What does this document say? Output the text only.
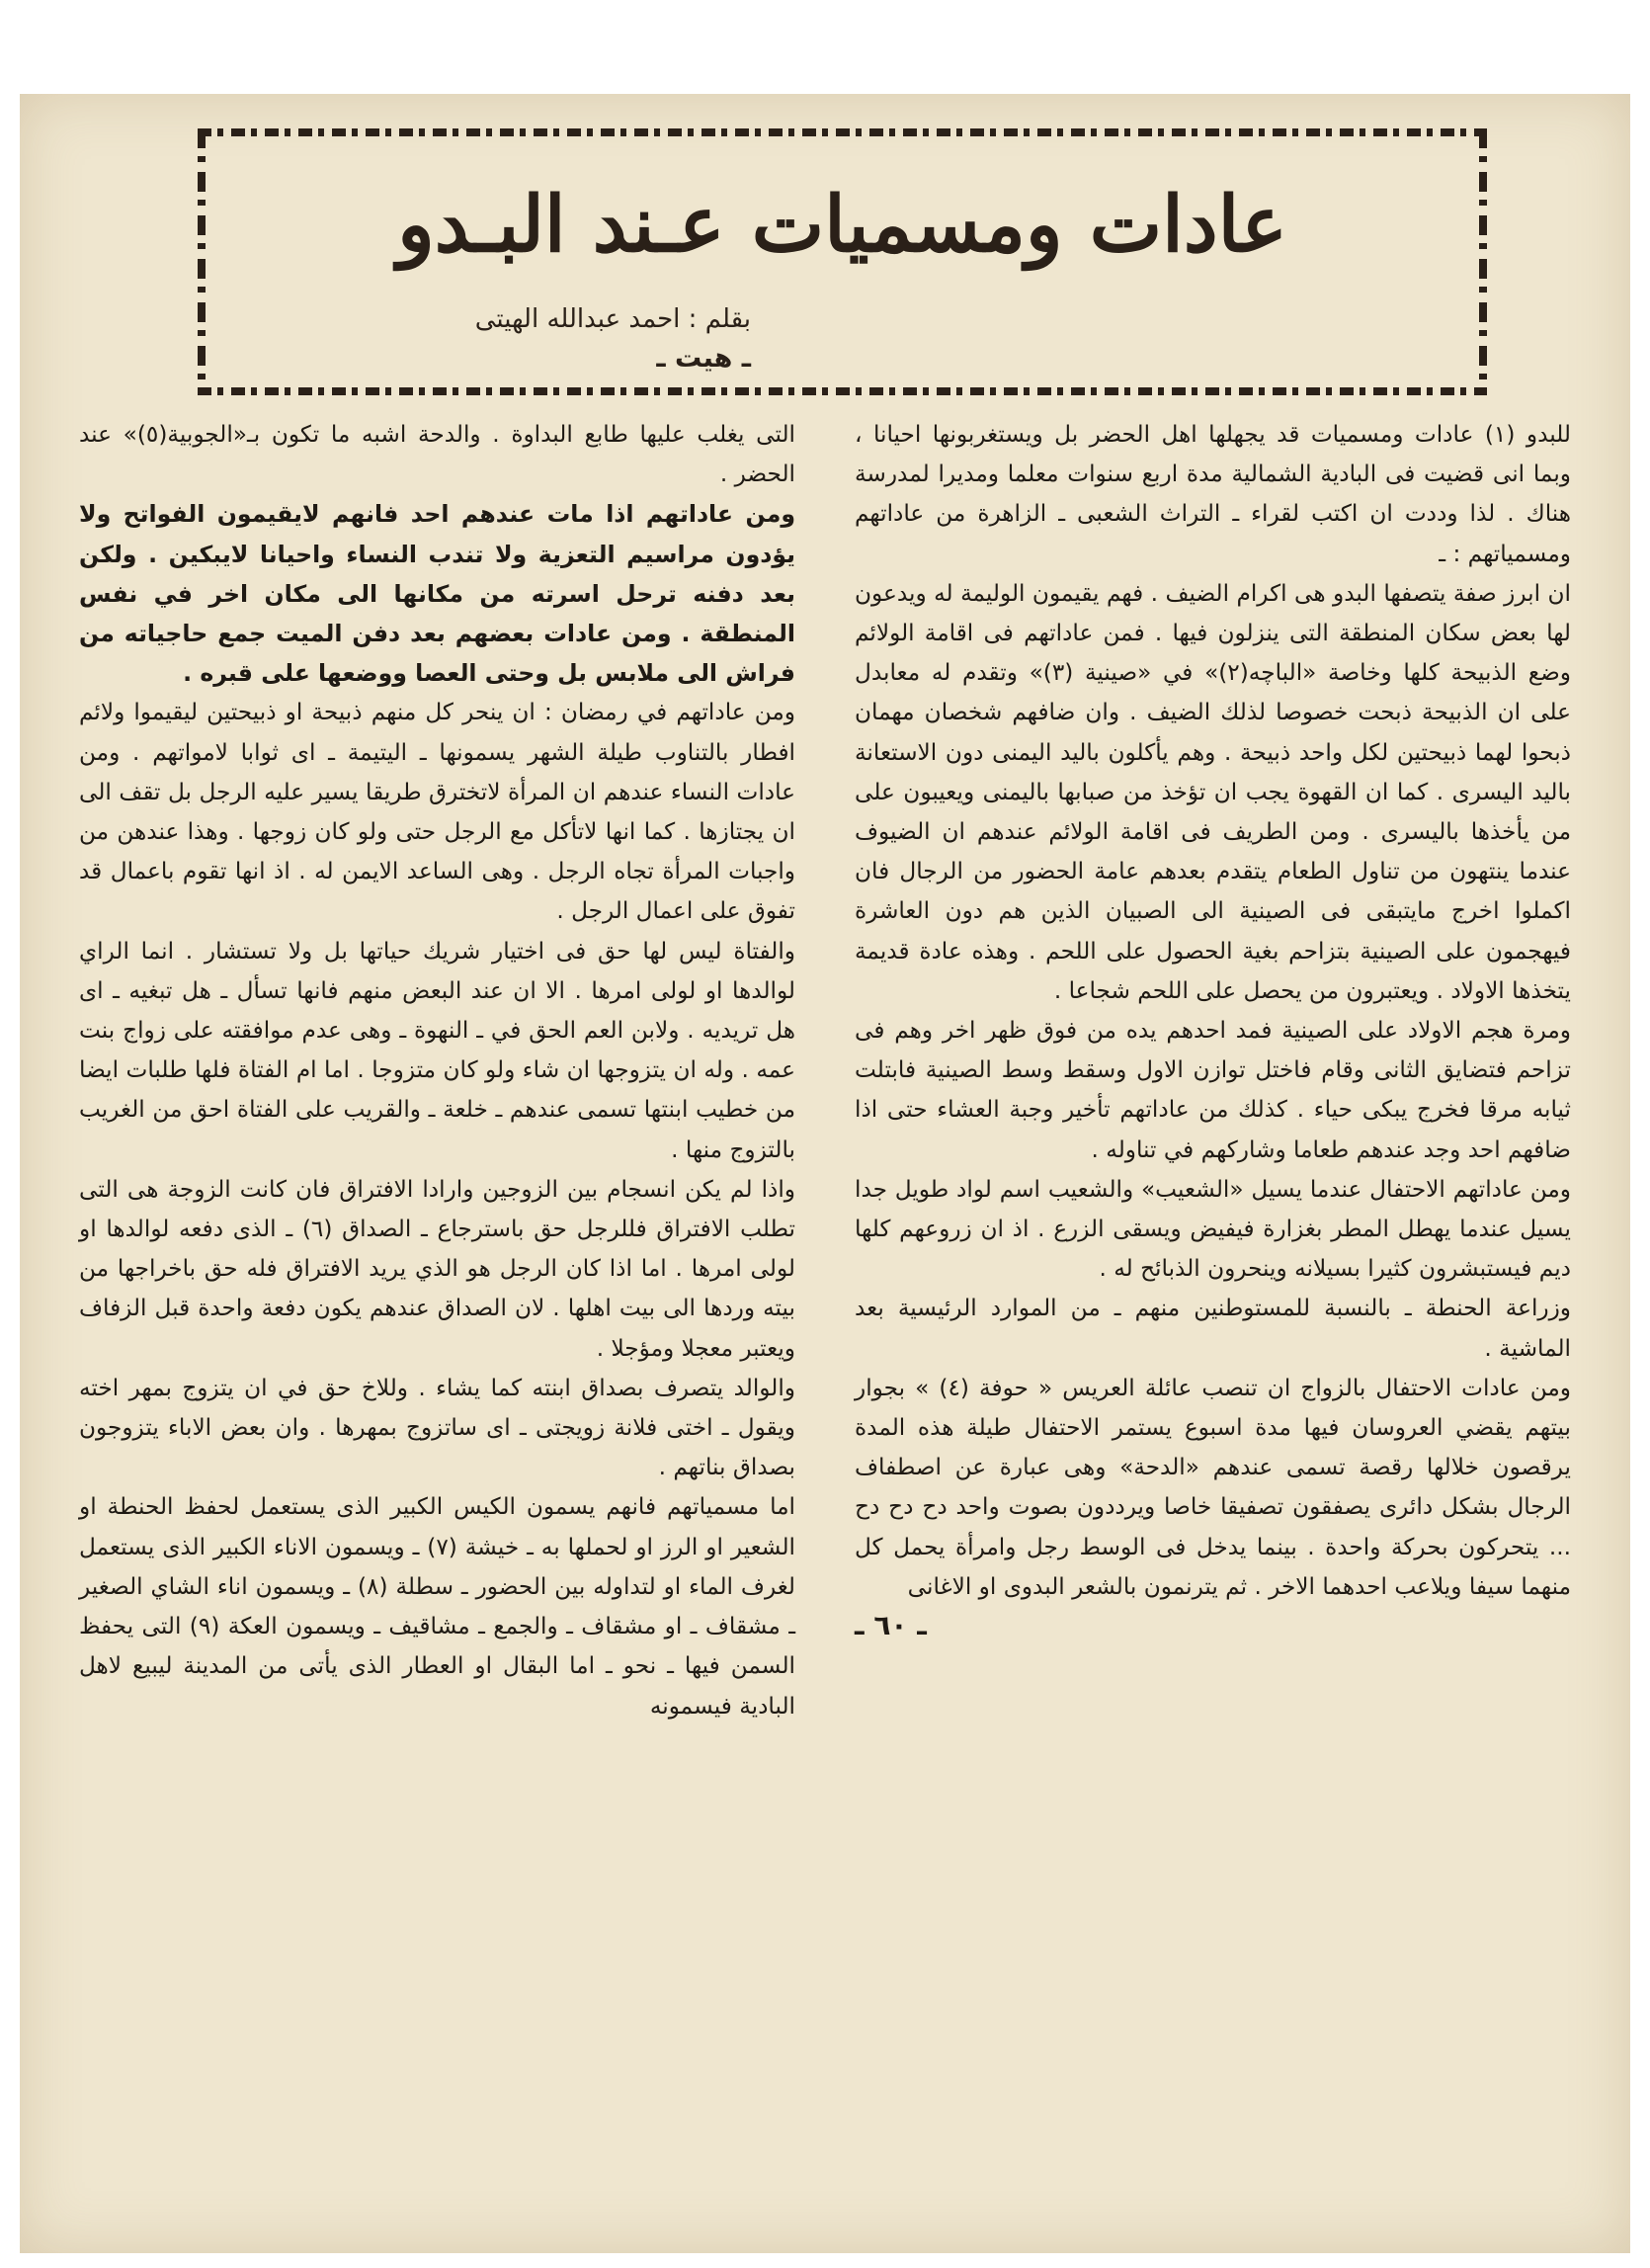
عادات ومسميات عـند البـدو
بقلم : احمد عبدالله الهيتى
ـ هيت ـ

للبدو (١) عادات ومسميات قد يجهلها اهل الحضر بل ويستغربونها احيانا ، وبما انى قضيت فى البادية الشمالية مدة اربع سنوات معلما ومديرا لمدرسة هناك . لذا وددت ان اكتب لقراء ـ التراث الشعبى ـ الزاهرة من عاداتهم ومسمياتهم : ـ

ان ابرز صفة يتصفها البدو هى اكرام الضيف . فهم يقيمون الوليمة له ويدعون لها بعض سكان المنطقة التى ينزلون فيها . فمن عاداتهم فى اقامة الولائم وضع الذبيحة كلها وخاصة «الباچه(٢)» في «صينية (٣)» وتقدم له معابدل على ان الذبيحة ذبحت خصوصا لذلك الضيف . وان ضافهم شخصان مهمان ذبحوا لهما ذبيحتين لكل واحد ذبيحة . وهم يأكلون باليد اليمنى دون الاستعانة باليد اليسرى . كما ان القهوة يجب ان تؤخذ من صبابها باليمنى ويعيبون على من يأخذها باليسرى . ومن الطريف فى اقامة الولائم عندهم ان الضيوف عندما ينتهون من تناول الطعام يتقدم بعدهم عامة الحضور من الرجال فان اكملوا اخرج مايتبقى فى الصينية الى الصبيان الذين هم دون العاشرة فيهجمون على الصينية بتزاحم بغية الحصول على اللحم . وهذه عادة قديمة يتخذها الاولاد . ويعتبرون من يحصل على اللحم شجاعا .

ومرة هجم الاولاد على الصينية فمد احدهم يده من فوق ظهر اخر وهم فى تزاحم فتضايق الثانى وقام فاختل توازن الاول وسقط وسط الصينية فابتلت ثيابه مرقا فخرج يبكى حياء . كذلك من عاداتهم تأخير وجبة العشاء حتى اذا ضافهم احد وجد عندهم طعاما وشاركهم في تناوله .

ومن عاداتهم الاحتفال عندما يسيل «الشعيب» والشعيب اسم لواد طويل جدا يسيل عندما يهطل المطر بغزارة فيفيض ويسقى الزرع . اذ ان زروعهم كلها ديم فيستبشرون كثيرا بسيلانه وينحرون الذبائح له .

وزراعة الحنطة ـ بالنسبة للمستوطنين منهم ـ من الموارد الرئيسية بعد الماشية .

ومن عادات الاحتفال بالزواج ان تنصب عائلة العريس « حوفة (٤) » بجوار بيتهم يقضي العروسان فيها مدة اسبوع يستمر الاحتفال طيلة هذه المدة يرقصون خلالها رقصة تسمى عندهم «الدحة» وهى عبارة عن اصطفاف الرجال بشكل دائرى يصفقون تصفيقا خاصا ويرددون بصوت واحد دح دح دح ... يتحركون بحركة واحدة . بينما يدخل فى الوسط رجل وامرأة يحمل كل منهما سيفا ويلاعب احدهما الاخر . ثم يترنمون بالشعر البدوى او الاغانى

ـ ٦٠ ـ

التى يغلب عليها طابع البداوة . والدحة اشبه ما تكون بـ«الجوبية(٥)» عند الحضر .

ومن عاداتهم اذا مات عندهم احد فانهم لايقيمون الفواتح ولا يؤدون مراسيم التعزية ولا تندب النساء واحيانا لايبكين . ولكن بعد دفنه ترحل اسرته من مكانها الى مكان اخر في نفس المنطقة . ومن عادات بعضهم بعد دفن الميت جمع حاجياته من فراش الى ملابس بل وحتى العصا ووضعها على قبره .

ومن عاداتهم في رمضان : ان ينحر كل منهم ذبيحة او ذبيحتين ليقيموا ولائم افطار بالتناوب طيلة الشهر يسمونها ـ اليتيمة ـ اى ثوابا لامواتهم . ومن عادات النساء عندهم ان المرأة لاتخترق طريقا يسير عليه الرجل بل تقف الى ان يجتازها . كما انها لاتأكل مع الرجل حتى ولو كان زوجها . وهذا عندهن من واجبات المرأة تجاه الرجل . وهى الساعد الايمن له . اذ انها تقوم باعمال قد تفوق على اعمال الرجل .

والفتاة ليس لها حق فى اختيار شريك حياتها بل ولا تستشار . انما الراي لوالدها او لولى امرها . الا ان عند البعض منهم فانها تسأل ـ هل تبغيه ـ اى هل تريديه . ولابن العم الحق في ـ النهوة ـ وهى عدم موافقته على زواج بنت عمه . وله ان يتزوجها ان شاء ولو كان متزوجا . اما ام الفتاة فلها طلبات ايضا من خطيب ابنتها تسمى عندهم ـ خلعة ـ والقريب على الفتاة احق من الغريب بالتزوج منها .

واذا لم يكن انسجام بين الزوجين وارادا الافتراق فان كانت الزوجة هى التى تطلب الافتراق فللرجل حق باسترجاع ـ الصداق (٦) ـ الذى دفعه لوالدها او لولى امرها . اما اذا كان الرجل هو الذي يريد الافتراق فله حق باخراجها من بيته وردها الى بيت اهلها . لان الصداق عندهم يكون دفعة واحدة قبل الزفاف ويعتبر معجلا ومؤجلا .

والوالد يتصرف بصداق ابنته كما يشاء . وللاخ حق في ان يتزوج بمهر اخته ويقول ـ اختى فلانة زويجتى ـ اى ساتزوج بمهرها . وان بعض الاباء يتزوجون بصداق بناتهم .

اما مسمياتهم فانهم يسمون الكيس الكبير الذى يستعمل لحفظ الحنطة او الشعير او الرز او لحملها به ـ خيشة (٧) ـ ويسمون الاناء الكبير الذى يستعمل لغرف الماء او لتداوله بين الحضور ـ سطلة (٨) ـ ويسمون اناء الشاي الصغير ـ مشقاف ـ او مشقاف ـ والجمع ـ مشاقيف ـ ويسمون العكة (٩) التى يحفظ السمن فيها ـ نحو ـ اما البقال او العطار الذى يأتى من المدينة ليبيع لاهل البادية فيسمونه
